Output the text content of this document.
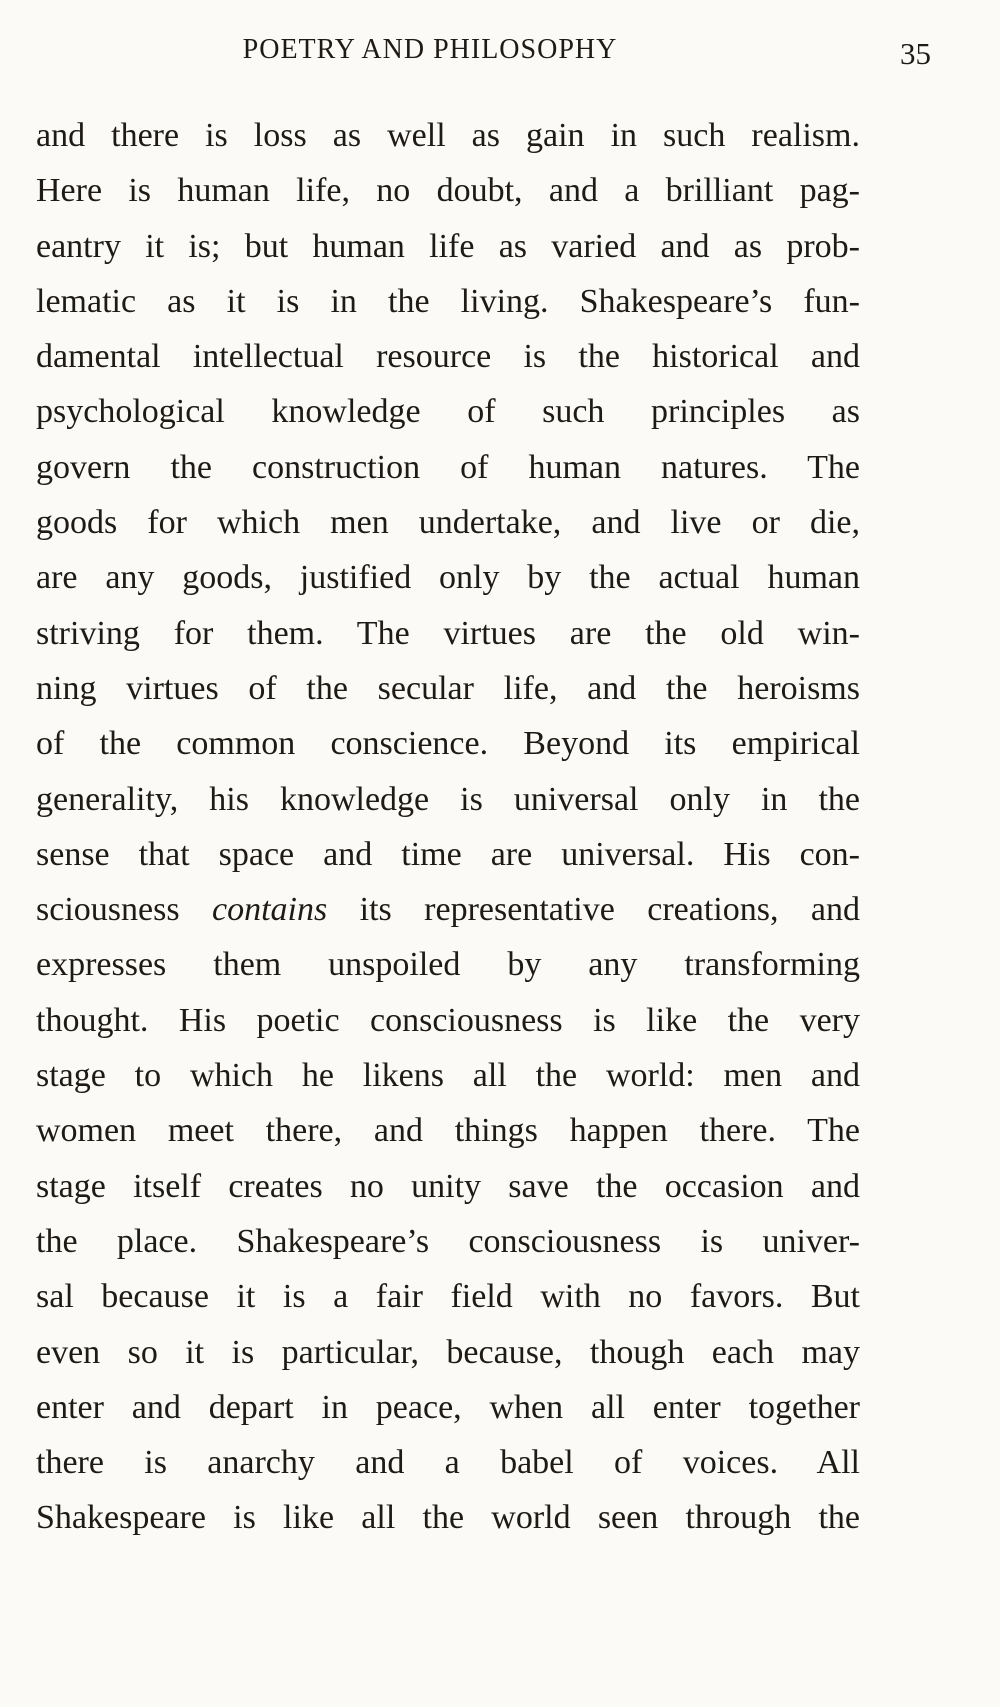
POETRY AND PHILOSOPHY	35
and there is loss as well as gain in such realism.
Here is human life, no doubt, and a brilliant pag-
eantry it is; but human life as varied and as prob-
lematic as it is in the living. Shakespeare’s fun-
damental intellectual resource is the historical and
psychological knowledge of such principles as
govern the construction of human natures. The
goods for which men undertake, and live or die,
are any goods, justified only by the actual human
striving for them. The virtues are the old win-
ning virtues of the secular life, and the heroisms
of the common conscience. Beyond its empirical
generality, his knowledge is universal only in the
sense that space and time are universal. His con-
sciousness contains its representative creations, and
expresses them unspoiled by any transforming
thought. His poetic consciousness is like the very
stage to which he likens all the world: men and
women meet there, and things happen there. The
stage itself creates no unity save the occasion and
the place. Shakespeare’s consciousness is univer-
sal because it is a fair field with no favors. But
even so it is particular, because, though each may
enter and depart in peace, when all enter together
there is anarchy and a babel of voices. All
Shakespeare is like all the world seen through the
